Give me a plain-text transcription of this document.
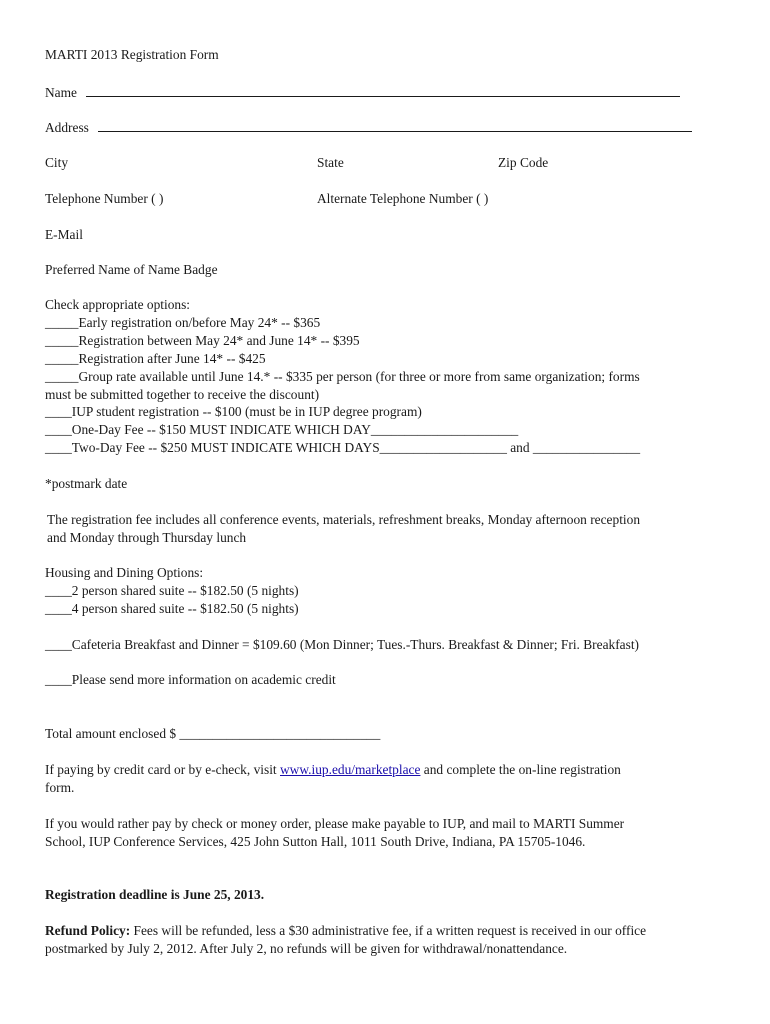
MARTI 2013 Registration Form
Name
Address
City	State	Zip Code
Telephone Number ( )	Alternate Telephone Number ( )
E-Mail
Preferred Name of Name Badge
Check appropriate options:
_____Early registration on/before May 24* -- $365
_____Registration between May 24* and June 14* -- $395
_____Registration after June 14* -- $425
_____Group rate available until June 14.* -- $335 per person (for three or more from same organization; forms
must be submitted together to receive the discount)
____IUP student registration -- $100 (must be in IUP degree program)
____One-Day Fee -- $150 MUST INDICATE WHICH DAY______________________
____Two-Day Fee -- $250 MUST INDICATE WHICH DAYS___________________ and ________________
*postmark date
The registration fee includes all conference events, materials, refreshment breaks, Monday afternoon reception
and Monday through Thursday lunch
Housing and Dining Options:
____2 person shared suite -- $182.50 (5 nights)
____4 person shared suite -- $182.50 (5 nights)
____Cafeteria Breakfast and Dinner = $109.60 (Mon Dinner; Tues.-Thurs. Breakfast & Dinner; Fri. Breakfast)
____Please send more information on academic credit
Total amount enclosed $ ______________________________
If paying by credit card or by e-check, visit www.iup.edu/marketplace and complete the on-line registration
form.
If you would rather pay by check or money order, please make payable to IUP, and mail to MARTI Summer
School, IUP Conference Services, 425 John Sutton Hall, 1011 South Drive, Indiana, PA 15705-1046.
Registration deadline is June 25, 2013.
Refund Policy: Fees will be refunded, less a $30 administrative fee, if a written request is received in our office
postmarked by July 2, 2012. After July 2, no refunds will be given for withdrawal/nonattendance.
